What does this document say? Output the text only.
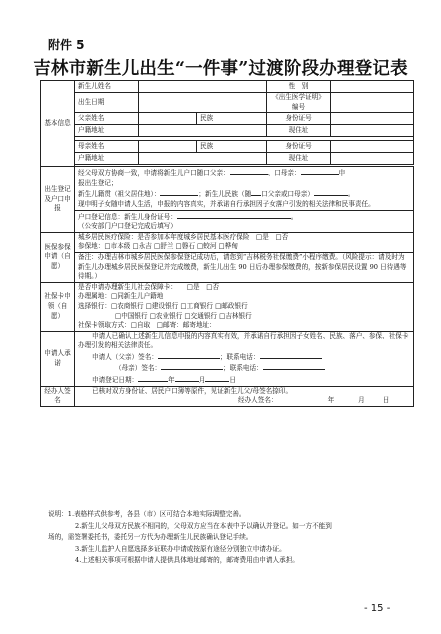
附件 5
吉林市新生儿出生“一件事”过渡阶段办理登记表
基本信息	新生儿姓名			性　别	
	出生日期			《出生医学证明》编号	
	父亲姓名		民族	身份证号	
	户籍地址			现住址	

	母亲姓名		民族	身份证号	
	户籍地址			现住址	

出生登记及户口申报	经父母双方协商一致，申请将新生儿户口随口父亲： 、口母亲： 申
报出生登记；
新生儿籍贯（祖父居住地）： ；新生儿民族（随 口父亲或口母亲） 。
现申明子女随申请人生活，申报的内容真实，并承诺自行承担因子女落户引发的相关法律和民事责任。				

	户口登记信息：新生儿身份证号： 。
（公安部门户口登记完成后填写）				

医保参保申请（自愿）	城乡居民医疗保险：是否参加本年度城乡居民基本医疗保险　□是　□否
参保地：□市本级 □永吉 □舒兰 □磐石 □蛟河 □桦甸				

	备注：办理吉林市城乡居民医保参保登记成功后，请您到“吉林税务社保缴费”小程序缴费。（风险提示：请及时为新生儿办理城乡居民医保登记并完成缴费，新生儿出生 90 日后办理参保缴费的，按新参保居民设置 90 日待遇等待期。）				

社保卡申领（自愿）	是否申请办理新生儿社会保障卡：　　□是　□否
办理属地：□同新生儿户籍地
选择银行：□农商银行 □建设银行 □工商银行 □邮政银行
□中国银行 □农业银行 □交通银行 □吉林银行
社保卡领取方式：□自取　□邮寄：邮寄地址：				

申请人承诺	申请人已确认上述新生儿信息申报的内容真实有效，并承诺自行承担因子女姓名、民族、落户、参保、社保卡办理引发的相关法律责任。
申请人（父亲）签名： ；联系电话：
（母亲）签名： ；联系电话：
申请登记日期： 年 月 日				

经办人签名	已核对双方身份证、居民户口簿等原件，见证新生儿父/母签名捺印。
经办人签名： 年 月 日				
说明：1.表格样式供参考，各县（市）区可结合本地实际调整完善。
2.新生儿父母双方民族不相同的，父母双方应当在本表中予以确认并登记。如一方不能到
场的，需签署委托书，委托另一方代为办理新生儿民族确认登记手续。
3.新生儿监护人自愿选择多证联办申请或按原有途径分别独立申请办证。
4.上述相关事项可根据申请人提供具体地址邮寄的，邮寄费用由申请人承担。
- 15 -
